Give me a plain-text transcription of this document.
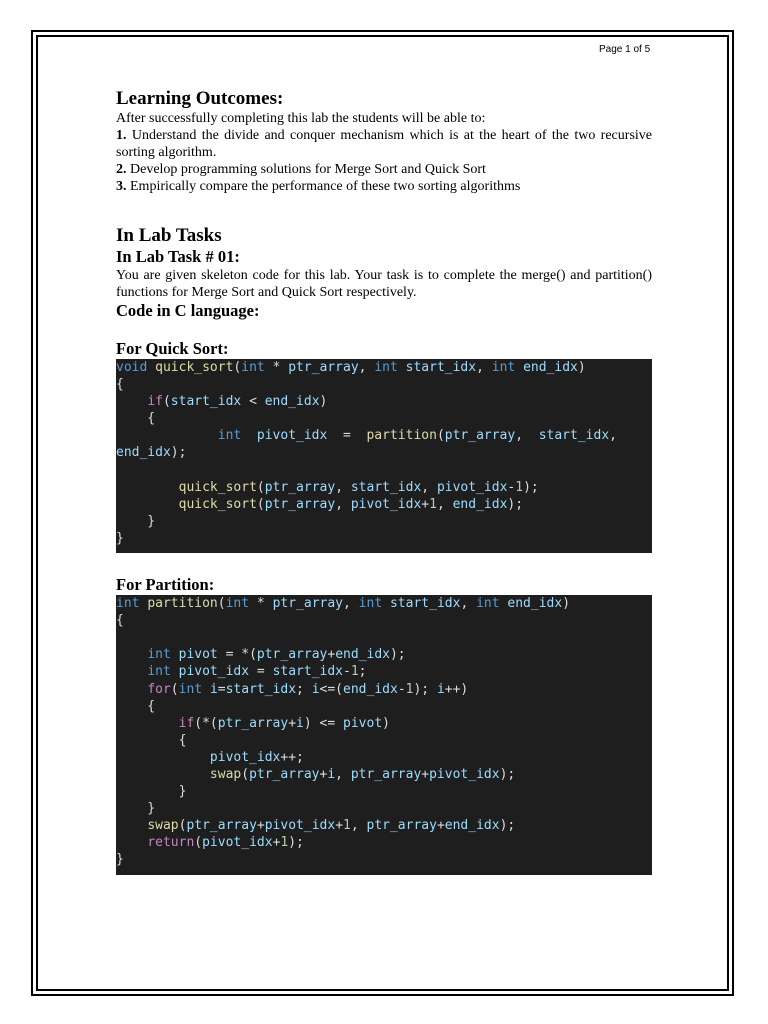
Page 1 of 5
Learning Outcomes:

After successfully completing this lab the students will be able to:

1. Understand the divide and conquer mechanism which is at the heart of the two recursive sorting algorithm.

2. Develop programming solutions for Merge Sort and Quick Sort

3. Empirically compare the performance of these two sorting algorithms

In Lab Tasks
In Lab Task # 01:

You are given skeleton code for this lab. Your task is to complete the merge() and partition() functions for Merge Sort and Quick Sort respectively.

Code in C language:
For Quick Sort:
void quick_sort(int * ptr_array, int start_idx, int end_idx)
{
if(start_idx < end_idx)
{
int pivot_idx  =  partition(ptr_array,  start_idx,
end_idx);
quick_sort(ptr_array, start_idx, pivot_idx-1);
quick_sort(ptr_array, pivot_idx+1, end_idx);
}
}
For Partition:
int partition(int * ptr_array, int start_idx, int end_idx)
{
int pivot = *(ptr_array+end_idx);
int pivot_idx = start_idx-1;
for(int i=start_idx; i<=(end_idx-1); i++)
{
if(*(ptr_array+i) <= pivot)
{
pivot_idx++;
swap(ptr_array+i, ptr_array+pivot_idx);
}
}
swap(ptr_array+pivot_idx+1, ptr_array+end_idx);
return(pivot_idx+1);
}
